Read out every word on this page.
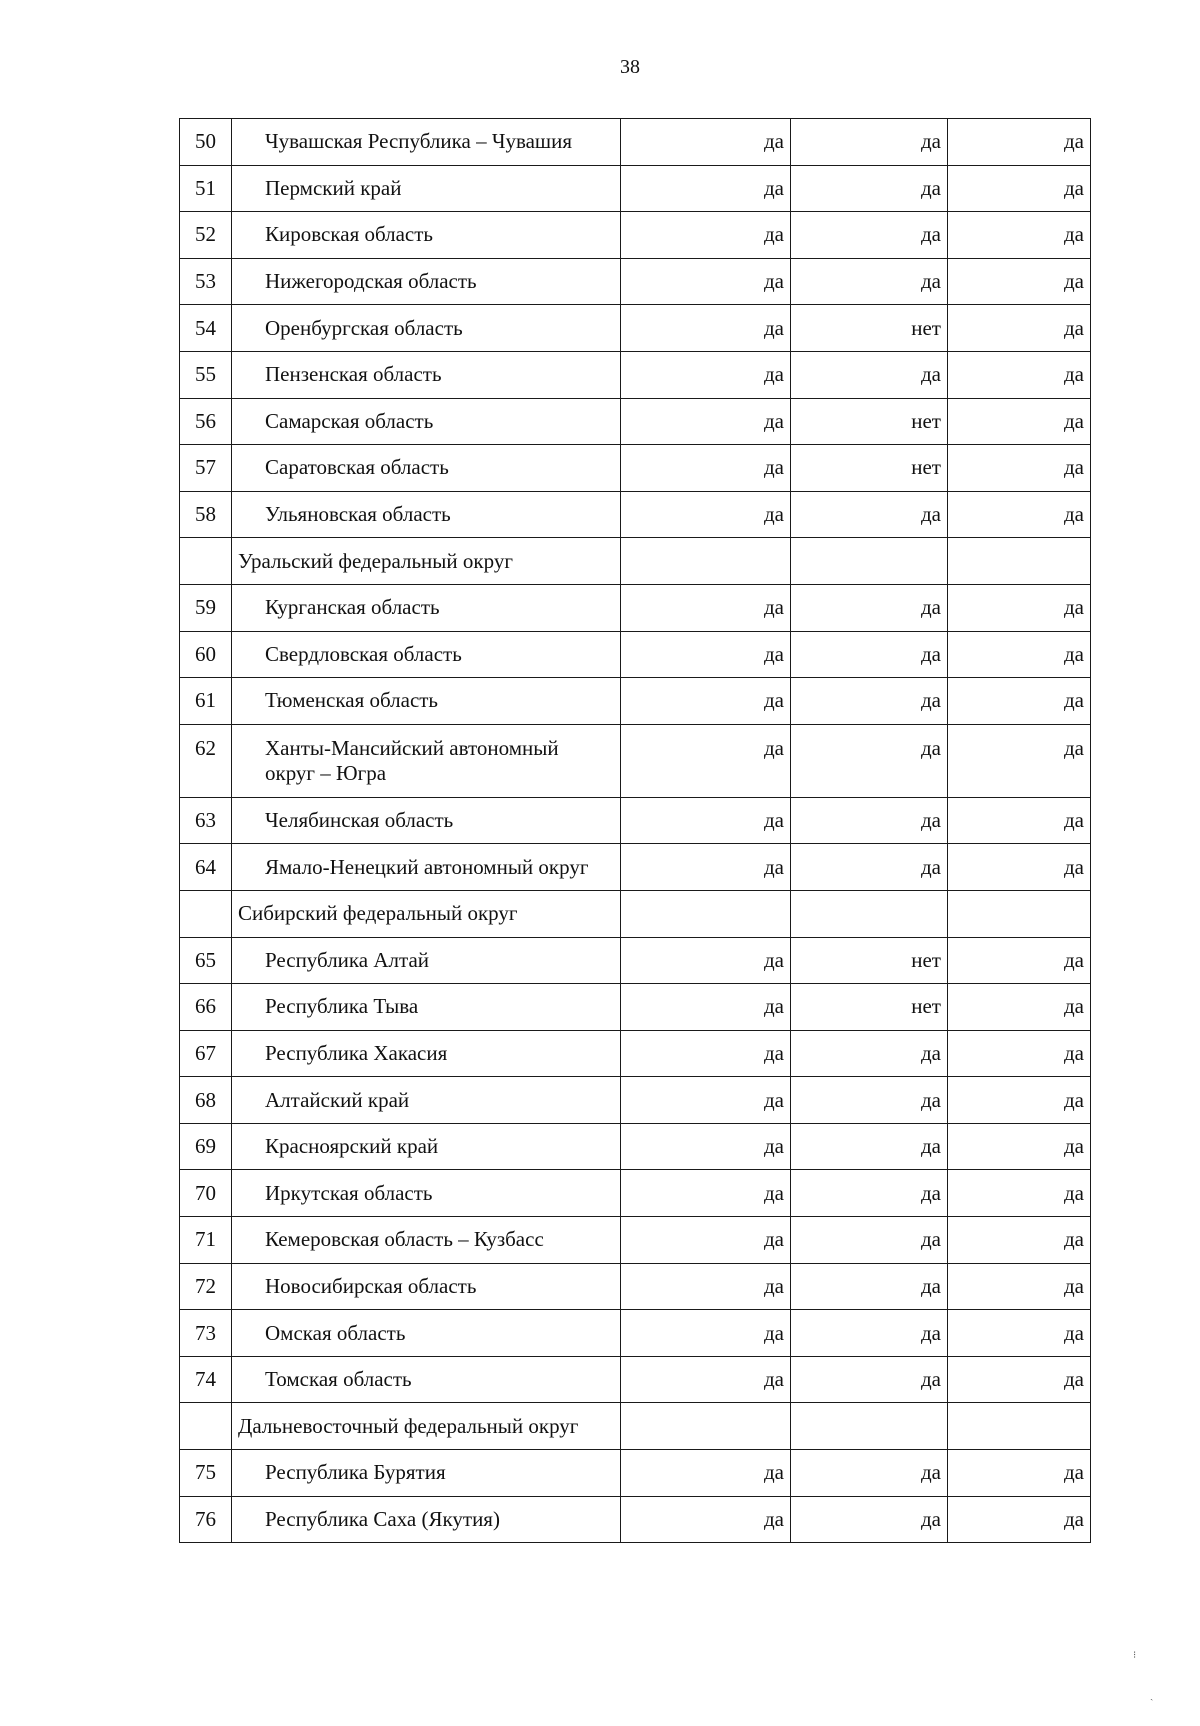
38
50	Чувашская Республика – Чувашия	да	да	да
51	Пермский край	да	да	да
52	Кировская область	да	да	да
53	Нижегородская область	да	да	да
54	Оренбургская область	да	нет	да
55	Пензенская область	да	да	да
56	Самарская область	да	нет	да
57	Саратовская область	да	нет	да
58	Ульяновская область	да	да	да
	Уральский федеральный округ			
59	Курганская область	да	да	да
60	Свердловская область	да	да	да
61	Тюменская область	да	да	да
62	Ханты-Мансийский автономный округ – Югра	да	да	да
63	Челябинская область	да	да	да
64	Ямало-Ненецкий автономный округ	да	да	да
	Сибирский федеральный округ			
65	Республика Алтай	да	нет	да
66	Республика Тыва	да	нет	да
67	Республика Хакасия	да	да	да
68	Алтайский край	да	да	да
69	Красноярский край	да	да	да
70	Иркутская область	да	да	да
71	Кемеровская область – Кузбасс	да	да	да
72	Новосибирская область	да	да	да
73	Омская область	да	да	да
74	Томская область	да	да	да
	Дальневосточный федеральный округ			
75	Республика Бурятия	да	да	да
76	Республика Саха (Якутия)	да	да	да
⁝
ˎ
